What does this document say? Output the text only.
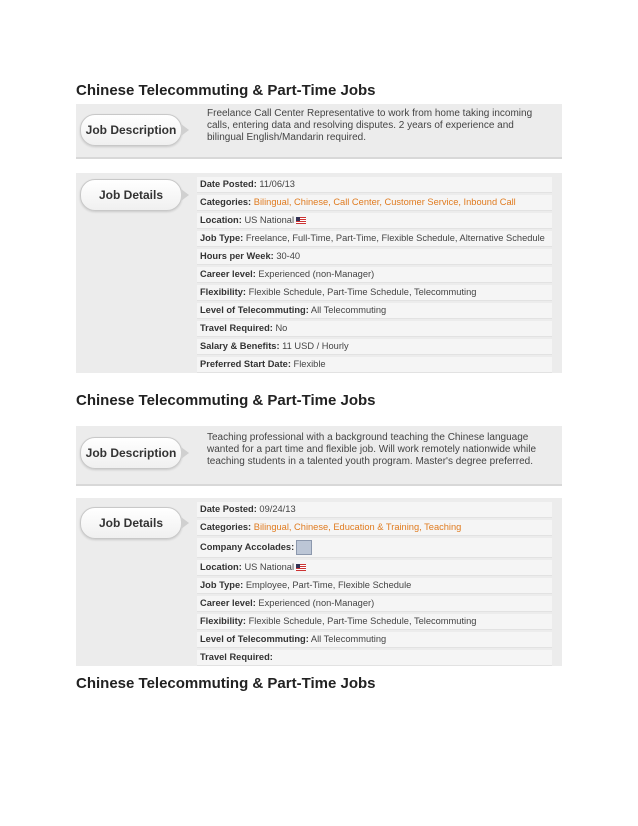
Chinese Telecommuting & Part-Time Jobs
Job Description
Freelance Call Center Representative to work from home taking incoming calls, entering data and resolving disputes. 2 years of experience and bilingual English/Mandarin required.
Job Details
Date Posted: 11/06/13
Categories: Bilingual, Chinese, Call Center, Customer Service, Inbound Call
Location: US National
Job Type: Freelance, Full-Time, Part-Time, Flexible Schedule, Alternative Schedule
Hours per Week: 30-40
Career level: Experienced (non-Manager)
Flexibility: Flexible Schedule, Part-Time Schedule, Telecommuting
Level of Telecommuting: All Telecommuting
Travel Required: No
Salary & Benefits: 11 USD / Hourly
Preferred Start Date: Flexible
Chinese Telecommuting & Part-Time Jobs
Job Description
Teaching professional with a background teaching the Chinese language wanted for a part time and flexible job. Will work remotely nationwide while teaching students in a talented youth program. Master's degree preferred.
Job Details
Date Posted: 09/24/13
Categories: Bilingual, Chinese, Education & Training, Teaching
Company Accolades:
Location: US National
Job Type: Employee, Part-Time, Flexible Schedule
Career level: Experienced (non-Manager)
Flexibility: Flexible Schedule, Part-Time Schedule, Telecommuting
Level of Telecommuting: All Telecommuting
Travel Required:
Chinese Telecommuting & Part-Time Jobs
